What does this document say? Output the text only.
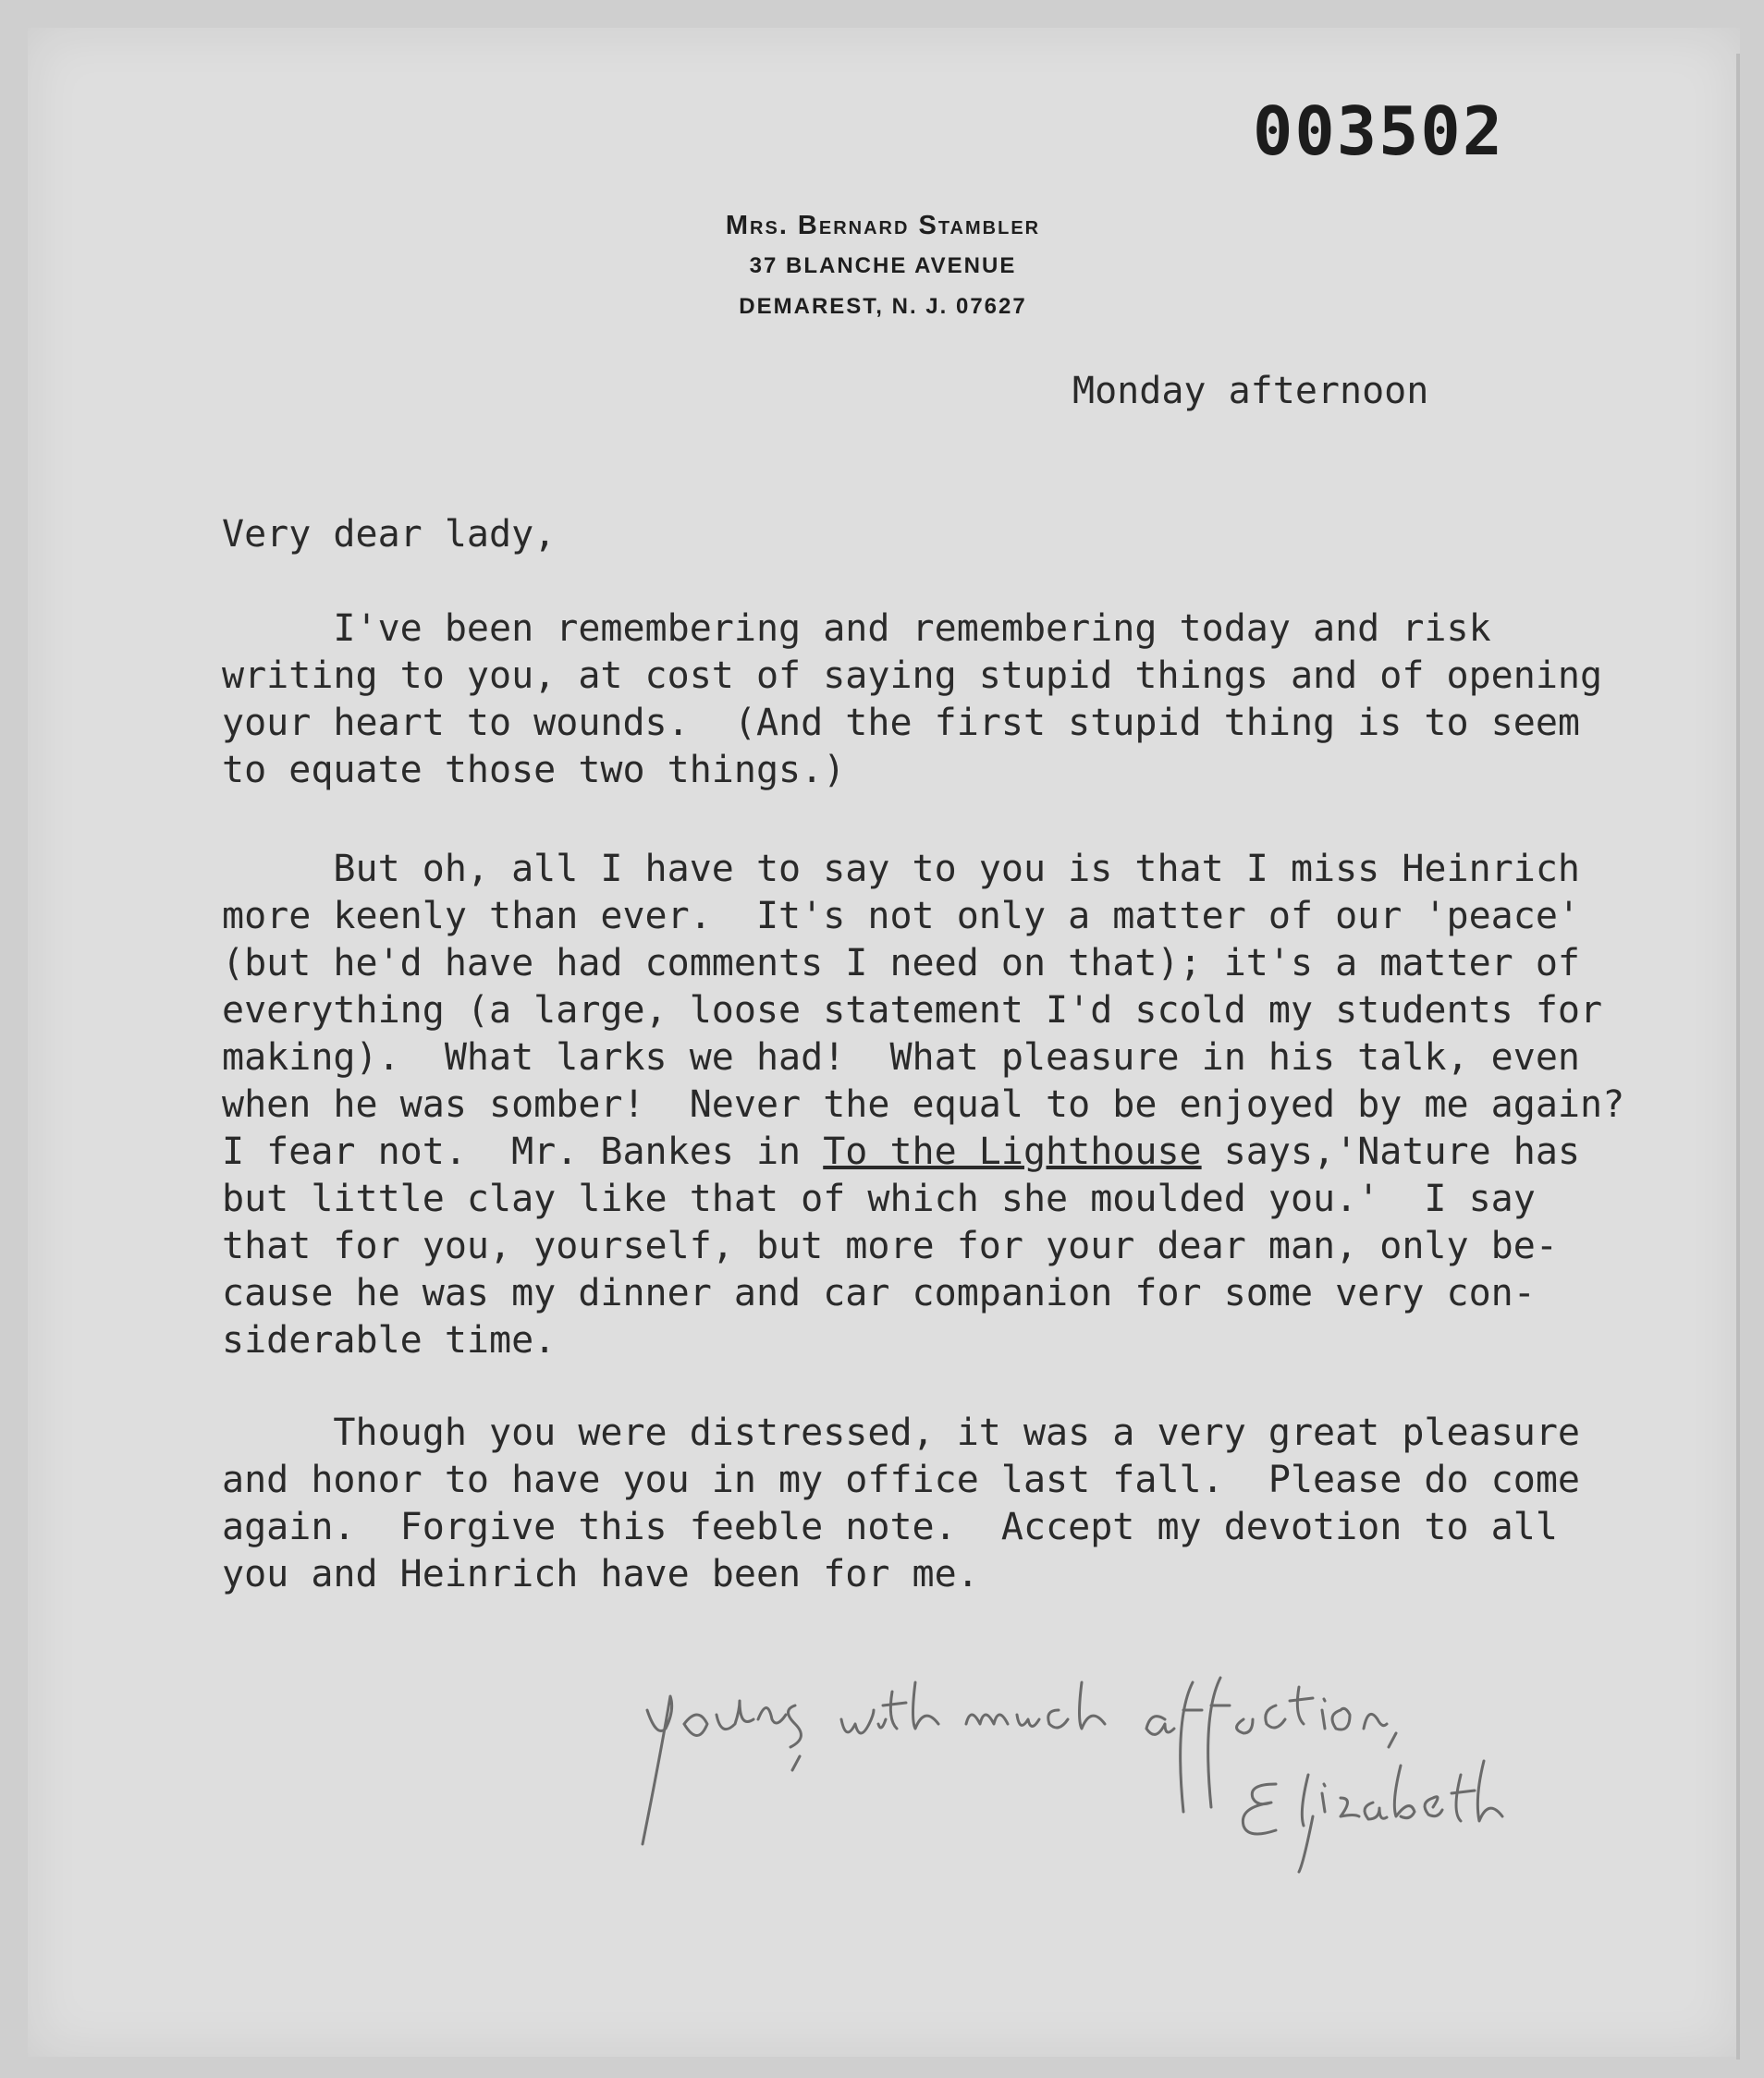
003502
Mrs. Bernard Stambler
37 BLANCHE AVENUE
DEMAREST, N. J. 07627
Monday afternoon
Very dear lady,
I've been remembering and remembering today and risk
writing to you, at cost of saying stupid things and of opening
your heart to wounds.  (And the first stupid thing is to seem
to equate those two things.)
But oh, all I have to say to you is that I miss Heinrich
more keenly than ever.  It's not only a matter of our 'peace'
(but he'd have had comments I need on that); it's a matter of
everything (a large, loose statement I'd scold my students for
making).  What larks we had!  What pleasure in his talk, even
when he was somber!  Never the equal to be enjoyed by me again?
I fear not.  Mr. Bankes in To the Lighthouse says,'Nature has
but little clay like that of which she moulded you.'  I say
that for you, yourself, but more for your dear man, only be-
cause he was my dinner and car companion for some very con-
siderable time.
Though you were distressed, it was a very great pleasure
and honor to have you in my office last fall.  Please do come
again.  Forgive this feeble note.  Accept my devotion to all
you and Heinrich have been for me.
